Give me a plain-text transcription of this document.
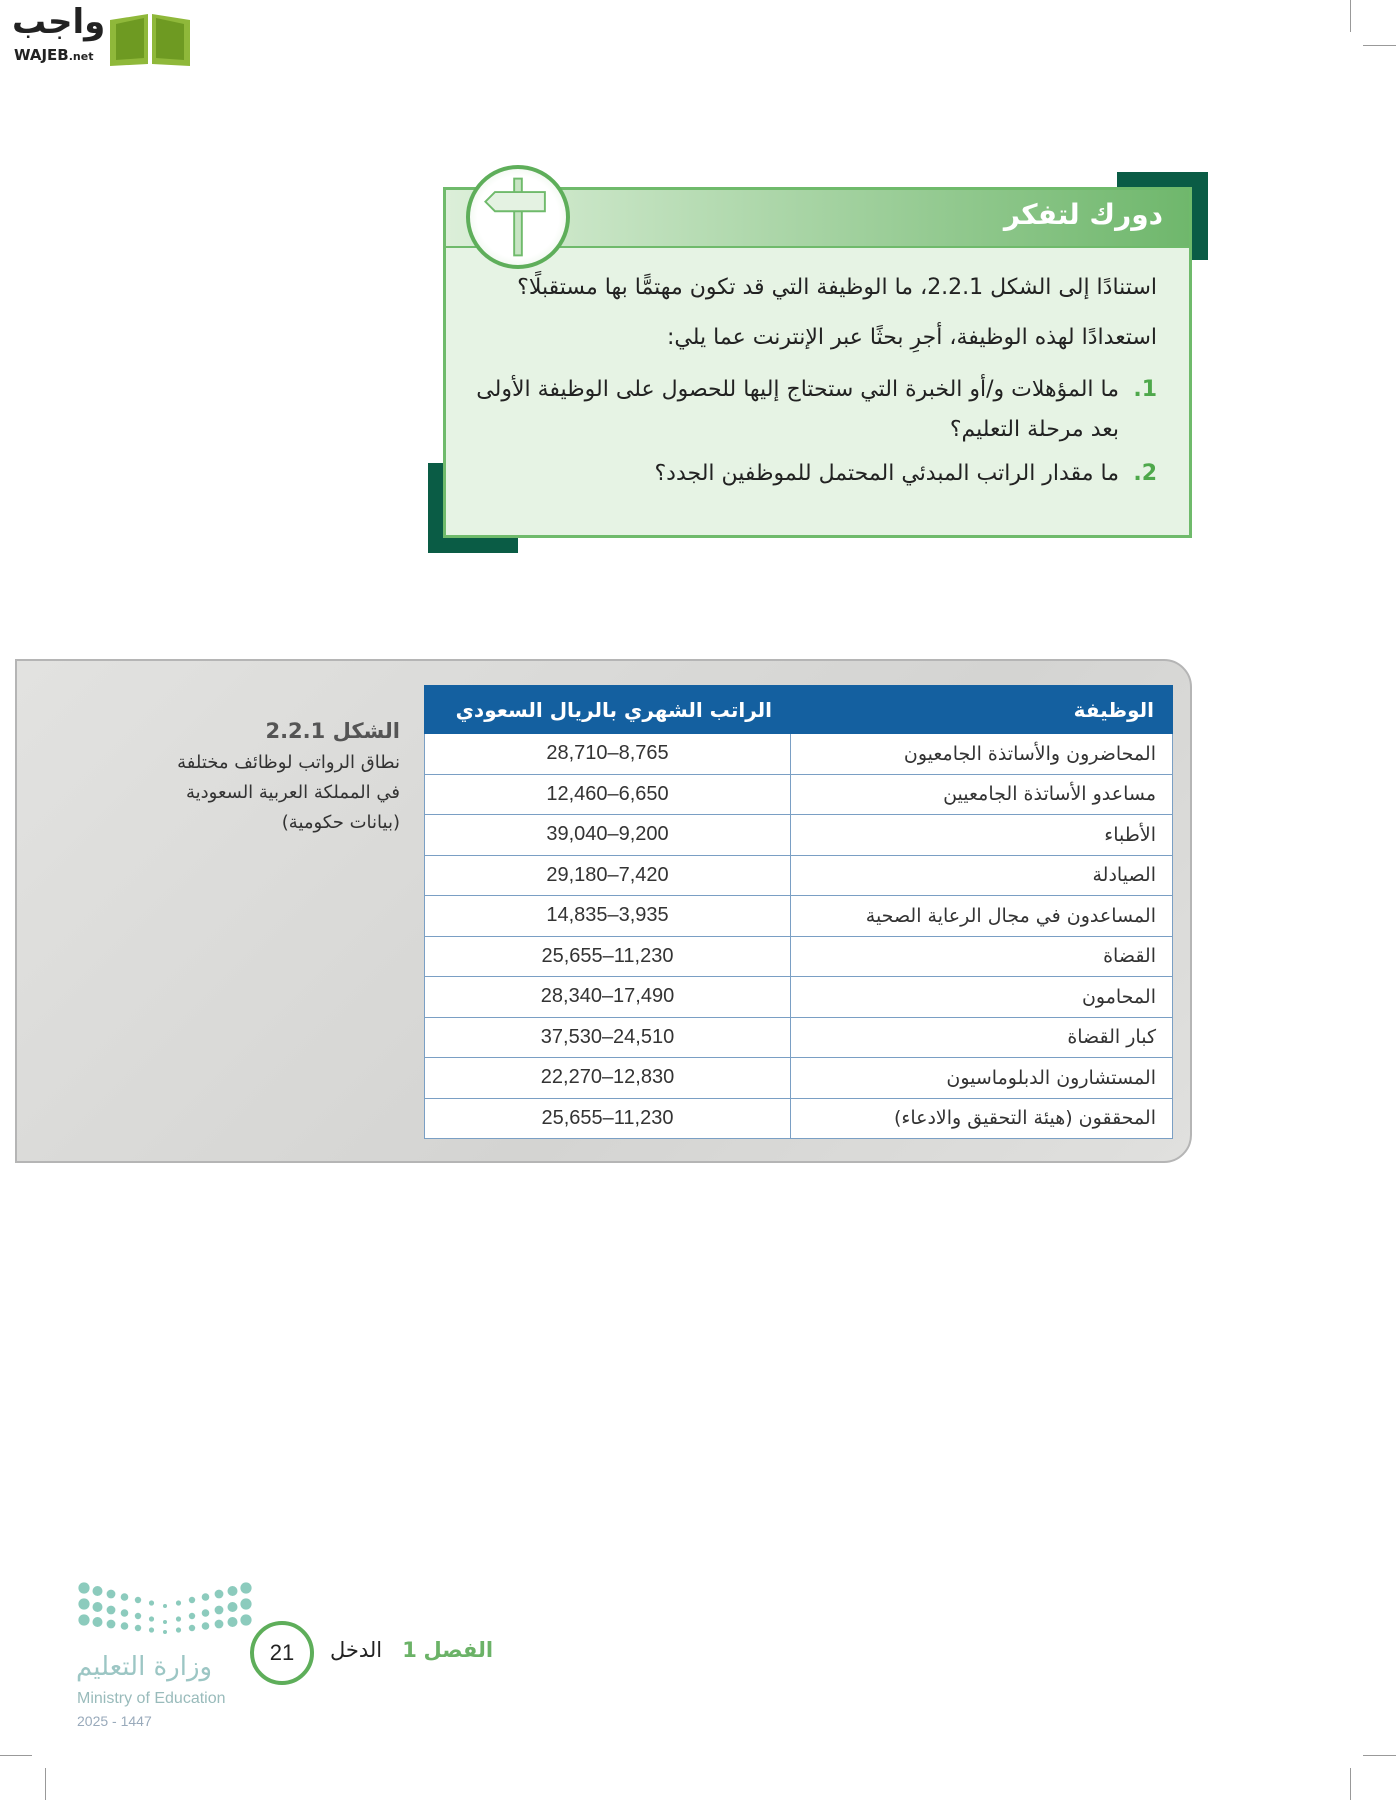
واجب
WAJEB.net
دورك لتفكر
استنادًا إلى الشكل 2.2.1، ما الوظيفة التي قد تكون مهتمًّا بها مستقبلًا؟
استعدادًا لهذه الوظيفة، أجرِ بحثًا عبر الإنترنت عما يلي:
1.
ما المؤهلات و/أو الخبرة التي ستحتاج إليها للحصول على الوظيفة الأولى بعد مرحلة التعليم؟
2.
ما مقدار الراتب المبدئي المحتمل للموظفين الجدد؟
الشكل 2.2.1
نطاق الرواتب لوظائف مختلفة
في المملكة العربية السعودية
(بيانات حكومية)
الوظيفة	الراتب الشهري بالريال السعودي
المحاضرون والأساتذة الجامعيون	28,710–8,765
مساعدو الأساتذة الجامعيين	12,460–6,650
الأطباء	39,040–9,200
الصيادلة	29,180–7,420
المساعدون في مجال الرعاية الصحية	14,835–3,935
القضاة	25,655–11,230
المحامون	28,340–17,490
كبار القضاة	37,530–24,510
المستشارون الدبلوماسيون	22,270–12,830
المحققون (هيئة التحقيق والادعاء)	25,655–11,230
وزارة التعليم
Ministry of Education
2025 - 1447
21	الفصل 1   الدخل
